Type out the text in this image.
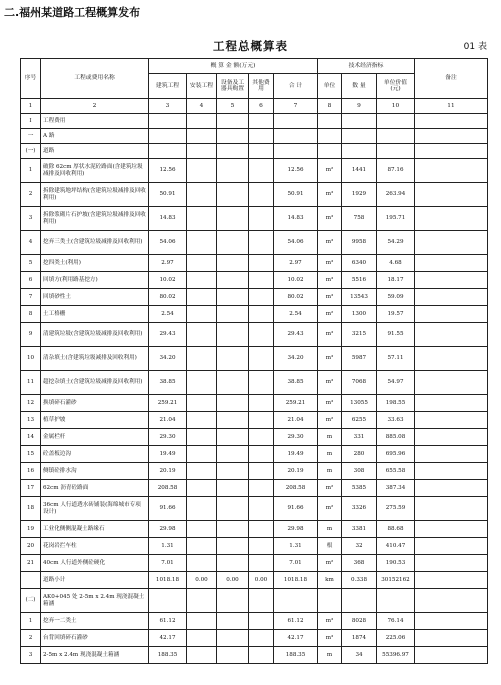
二.福州某道路工程概算发布
工程总概算表	01 表
序号	工程或费用名称	概 算 金 额(万元)					技术经济指标			备注
		建筑工程	安装工程	设备及工器具购置	其他费用	合 计	单位	数 量	单位价值(元)	
1	2	3	4	5	6	7	8	9	10	11
Ⅰ	工程费用									
一	A 路									
(一)	道路									
1	破除 62cm 厚状水泥砼路面(含建筑垃圾减排及回收利用)	12.56				12.56	m²	1441	87.16	
2	拆除建筑地坪结构(含建筑垃圾减排及回收利用)	50.91				50.91	m³	1929	263.94	
3	拆除浆砌片石护坡(含建筑垃圾减排及回收利用)	14.83				14.83	m³	758	195.71	
4	挖弃三类土(含建筑垃圾减排及回收利用)	54.06				54.06	m³	9958	54.29	
5	挖四类土(利用)	2.97				2.97	m³	6340	4.68	
6	回填方(利用路基挖方)	10.02				10.02	m³	5516	18.17	
7	回填砂性土	80.02				80.02	m³	13543	59.09	
8	土工格栅	2.54				2.54	m²	1300	19.57	
9	清建筑垃圾(含建筑垃圾减排及回收利用)	29.43				29.43	m³	3215	91.55	
10	清杂填土(含建筑垃圾减排及回收利用)	34.20				34.20	m³	5987	57.11	
11	超挖杂填土(含建筑垃圾减排及回收利用)	38.85				38.85	m³	7068	54.97	
12	换填碎石灌砂	259.21				259.21	m³	13055	198.55	
13	植草护坡	21.04				21.04	m²	6255	33.63	
14	金属栏杆	29.30				29.30	m	331	885.08	
15	砼盖板边沟	19.49				19.49	m	280	695.96	
16	侧镇砼排水沟	20.19				20.19	m	308	655.58	
17	62cm 沥青砼路面	208.58				208.58	m²	5385	387.34	
18	36cm 人行道透水砖铺装(海绵城市专项设计)	91.66				91.66	m²	3326	275.59	
19	工业化侧侧混凝土路缘石	29.98				29.98	m	3381	88.68	
20	花岗岩拦车柱	1.31				1.31	根	32	410.47	
21	40cm 人行道外侧砼硬化	7.01				7.01	m²	368	190.53	
	道路小计	1018.18	0.00	0.00	0.00	1018.18	km	0.338	30152162	
(二)	AK0+045 处 2-5m x 2.4m 现浇混凝土箱涵									
1	挖弃一二类土	61.12				61.12	m³	8028	76.14	
2	台背回填碎石灌砂	42.17				42.17	m³	1874	225.06	
3	2-5m x 2.4m 现浇混凝土箱涵	188.35				188.35	m	34	55396.97	
